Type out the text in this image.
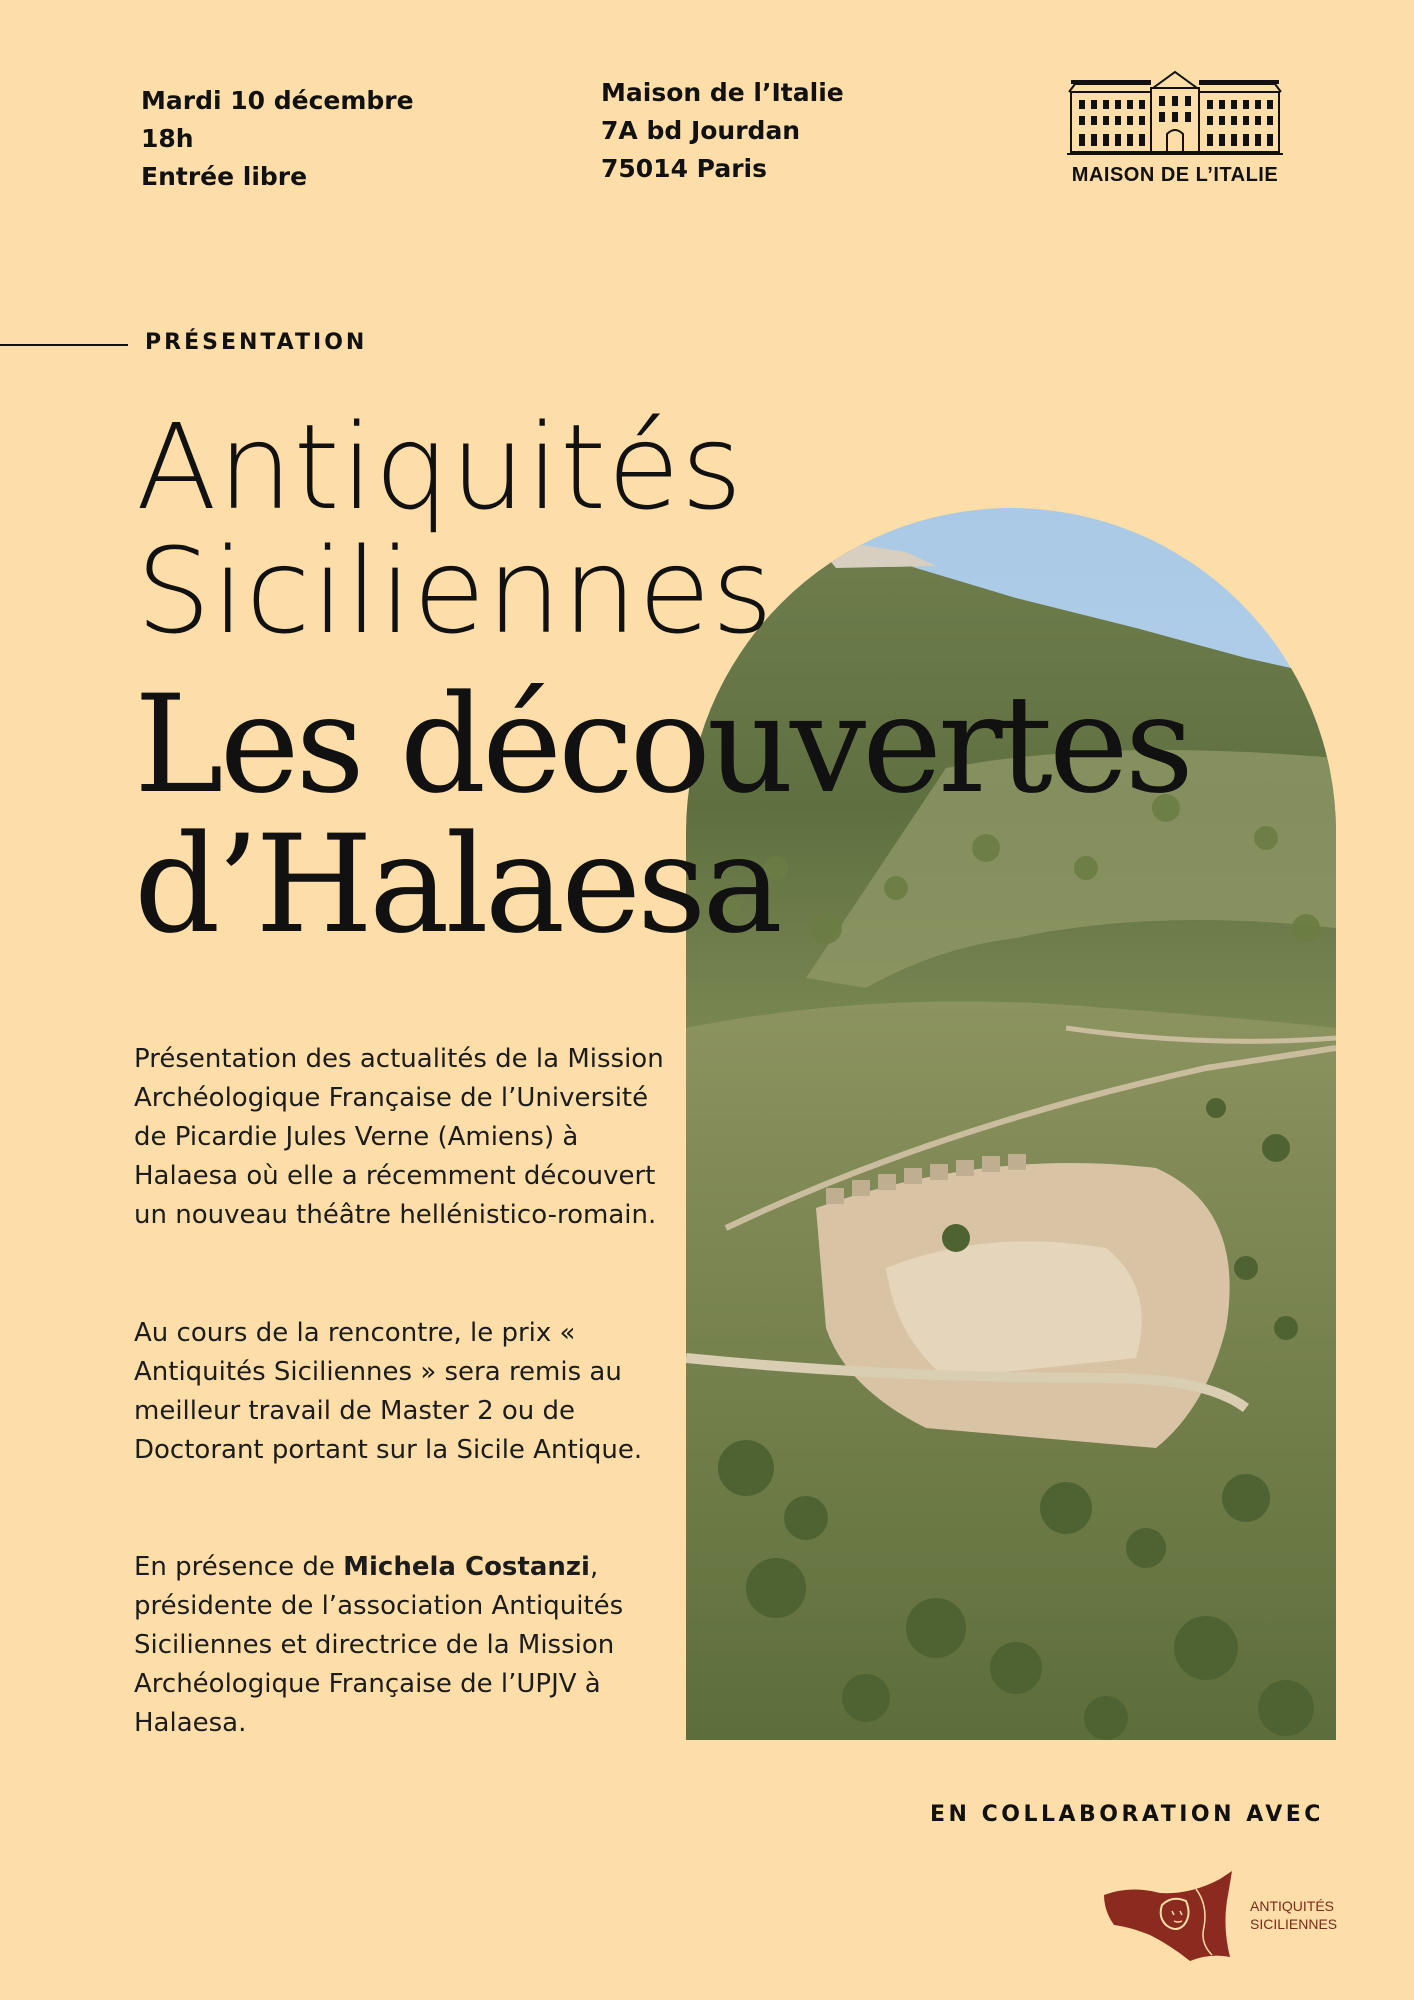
Mardi 10 décembre
18h
Entrée libre
Maison de l’Italie
7A bd Jourdan
75014 Paris	MAISON DE L’ITALIE
PRÉSENTATION
Antiquités
Siciliennes
Les découvertes
d’Halaesa
Présentation des actualités de la Mission Archéologique Française de l’Université de Picardie Jules Verne (Amiens) à Halaesa où elle a récemment découvert un nouveau théâtre hellénistico-romain.
Au cours de la rencontre, le prix « Antiquités Siciliennes » sera remis au meilleur travail de Master 2 ou de Doctorant portant sur la Sicile Antique.
En présence de Michela Costanzi, présidente de l’association Antiquités Siciliennes et directrice de la Mission Archéologique Française de l’UPJV à Halaesa.
EN COLLABORATION AVEC
ANTIQUITÉS
SICILIENNES
